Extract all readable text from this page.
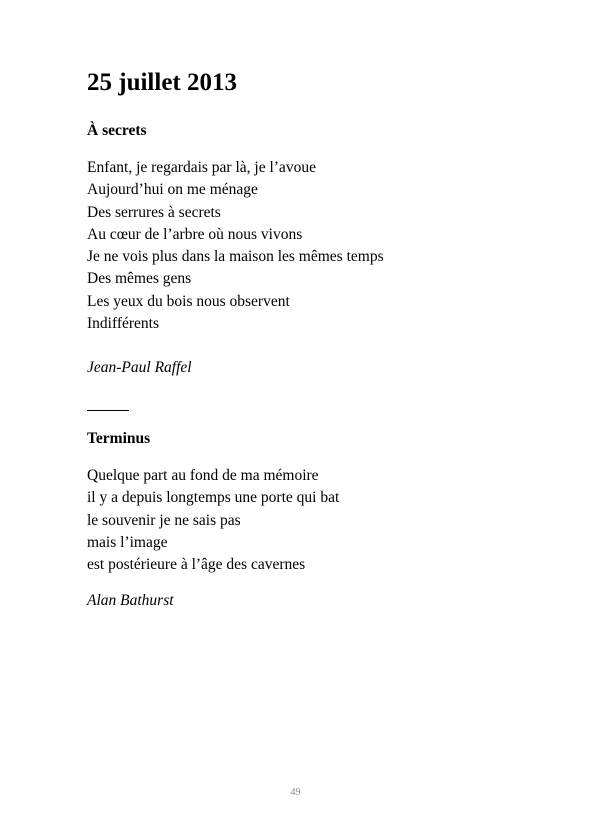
25 juillet 2013
À secrets
Enfant, je regardais par là, je l’avoue
Aujourd’hui on me ménage
Des serrures à secrets
Au cœur de l’arbre où nous vivons
Je ne vois plus dans la maison les mêmes temps
Des mêmes gens
Les yeux du bois nous observent
Indifférents

Jean-Paul Raffel

Terminus
Quelque part au fond de ma mémoire
il y a depuis longtemps une porte qui bat
le souvenir je ne sais pas
mais l’image
est postérieure à l’âge des cavernes

Alan Bathurst

49
